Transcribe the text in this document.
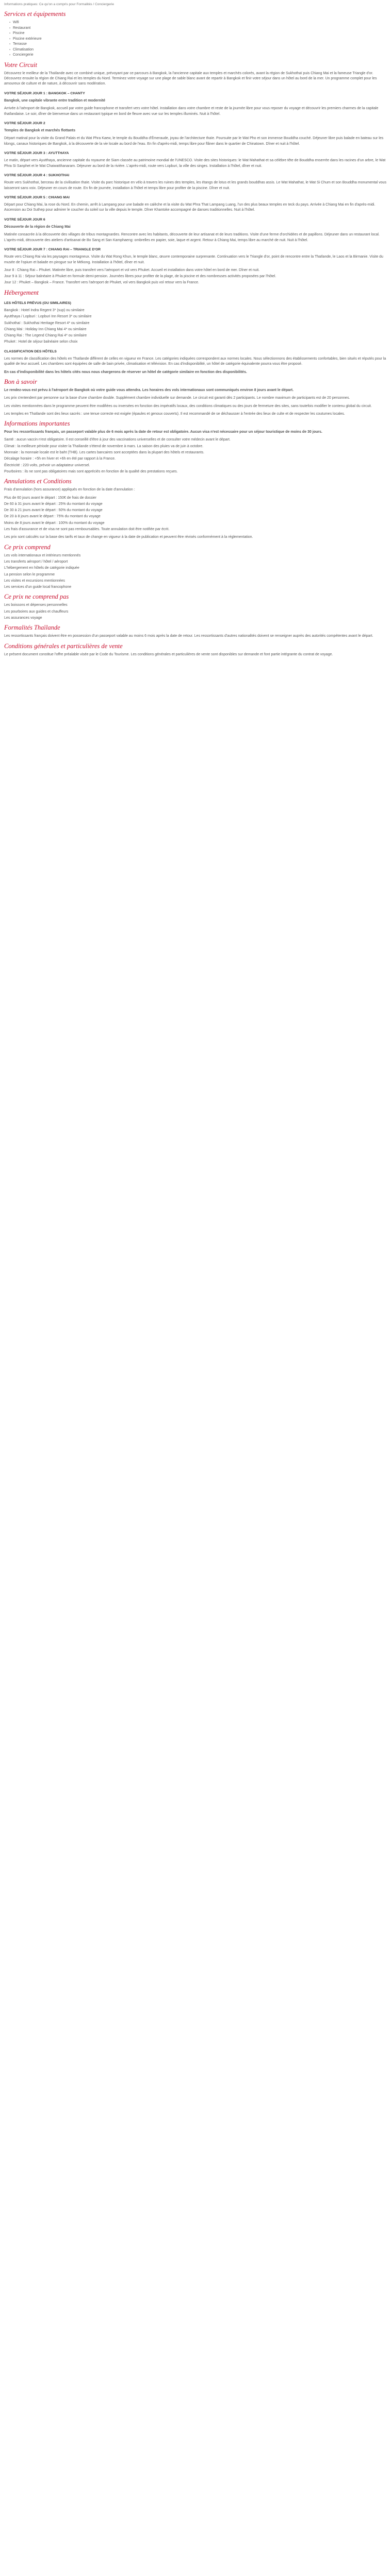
Informations pratiques: Ce qu'on a compris pour Formalités / Conciergerie
Services et équipements
▪ Wifi
▪ Restaurant
▪ Piscine
▪ Piscine extérieure
▪ Terrasse
▪ Climatisation
▪ Conciergerie
Votre Circuit

Découvrez le meilleur de la Thaïlande avec ce combiné unique, prévoyant par ce parcours à Bangkok, la l'ancienne capitale aux temples et marchés colorés, avant la région de Sukhothaï puis Chiang Mai et la fameuse Triangle d'or. Découvrez ensuite la région de Chiang Rai et les temples du Nord. Terminez votre voyage sur une plage de sable blanc avant de repartir à Bangkok et finir votre séjour dans un hôtel au bord de la mer. Un programme complet pour les amoureux de culture et de nature, à découvrir sans modération.

VOTRE SÉJOUR JOUR 1 : BANGKOK – CHANTY

Bangkok, une capitale vibrante entre tradition et modernité

Arrivée à l'aéroport de Bangkok, accueil par votre guide francophone et transfert vers votre hôtel. Installation dans votre chambre et reste de la journée libre pour vous reposer du voyage et découvrir les premiers charmes de la capitale thaïlandaise. Le soir, dîner de bienvenue dans un restaurant typique en bord de fleuve avec vue sur les temples illuminés. Nuit à l'hôtel.

VOTRE SÉJOUR JOUR 2

Temples de Bangkok et marchés flottants

Départ matinal pour la visite du Grand Palais et du Wat Phra Kaew, le temple du Bouddha d'Émeraude, joyau de l'architecture thaïe. Poursuite par le Wat Pho et son immense Bouddha couché. Déjeuner libre puis balade en bateau sur les klongs, canaux historiques de Bangkok, à la découverte de la vie locale au bord de l'eau. En fin d'après-midi, temps libre pour flâner dans le quartier de Chinatown. Dîner et nuit à l'hôtel.

VOTRE SÉJOUR JOUR 3 : AYUTTHAYA

Le matin, départ vers Ayutthaya, ancienne capitale du royaume de Siam classée au patrimoine mondial de l'UNESCO. Visite des sites historiques: le Wat Mahathat et sa célèbre tête de Bouddha enserrée dans les racines d'un arbre, le Wat Phra Si Sanphet et le Wat Chaiwatthanaram. Déjeuner au bord de la rivière. L'après-midi, route vers Lopburi, la ville des singes. Installation à l'hôtel, dîner et nuit.

VOTRE SÉJOUR JOUR 4 : SUKHOTHAI

Route vers Sukhothaï, berceau de la civilisation thaïe. Visite du parc historique en vélo à travers les ruines des temples, les étangs de lotus et les grands bouddhas assis. Le Wat Mahathat, le Wat Si Chum et son Bouddha monumental vous laisseront sans voix. Déjeuner en cours de route. En fin de journée, installation à l'hôtel et temps libre pour profiter de la piscine. Dîner et nuit.

VOTRE SÉJOUR JOUR 5 : CHIANG MAI

Départ pour Chiang Mai, la rose du Nord. En chemin, arrêt à Lampang pour une balade en calèche et la visite du Wat Phra That Lampang Luang, l'un des plus beaux temples en teck du pays. Arrivée à Chiang Mai en fin d'après-midi. Ascension au Doi Suthep pour admirer le coucher du soleil sur la ville depuis le temple. Dîner Khantoke accompagné de danses traditionnelles. Nuit à l'hôtel.

VOTRE SÉJOUR JOUR 6

Découverte de la région de Chiang Mai

Matinée consacrée à la découverte des villages de tribus montagnardes. Rencontre avec les habitants, découverte de leur artisanat et de leurs traditions. Visite d'une ferme d'orchidées et de papillons. Déjeuner dans un restaurant local. L'après-midi, découverte des ateliers d'artisanat de Bo Sang et San Kamphaeng: ombrelles en papier, soie, laque et argent. Retour à Chiang Mai, temps libre au marché de nuit. Nuit à l'hôtel.

VOTRE SÉJOUR JOUR 7 : CHIANG RAI – TRIANGLE D'OR

Route vers Chiang Rai via les paysages montagneux. Visite du Wat Rong Khun, le temple blanc, œuvre contemporaine surprenante. Continuation vers le Triangle d'or, point de rencontre entre la Thaïlande, le Laos et la Birmanie. Visite du musée de l'opium et balade en pirogue sur le Mékong. Installation à l'hôtel, dîner et nuit.

Jour 8 : Chiang Rai – Phuket. Matinée libre, puis transfert vers l'aéroport et vol vers Phuket. Accueil et installation dans votre hôtel en bord de mer. Dîner et nuit.

Jour 9 à 11 : Séjour balnéaire à Phuket en formule demi-pension. Journées libres pour profiter de la plage, de la piscine et des nombreuses activités proposées par l'hôtel.

Jour 12 : Phuket – Bangkok – France. Transfert vers l'aéroport de Phuket, vol vers Bangkok puis vol retour vers la France.

Hébergement
LES HÔTELS PRÉVUS (OU SIMILAIRES)

Bangkok : Hotel Indra Regent 3* (sup) ou similaire

Ayutthaya / Lopburi : Lopburi Inn Resort 3* ou similaire

Sukhothaï : Sukhothai Heritage Resort 4* ou similaire

Chiang Mai : Holiday Inn Chiang Mai 4* ou similaire

Chiang Rai : The Legend Chiang Rai 4* ou similaire

Phuket : Hotel de séjour balnéaire selon choix

CLASSIFICATION DES HÔTELS

Les normes de classification des hôtels en Thaïlande diffèrent de celles en vigueur en France. Les catégories indiquées correspondent aux normes locales. Nous sélectionnons des établissements confortables, bien situés et réputés pour la qualité de leur accueil. Les chambres sont équipées de salle de bain privée, climatisation et télévision. En cas d'indisponibilité, un hôtel de catégorie équivalente pourra vous être proposé.

En cas d'indisponibilité dans les hôtels cités nous nous chargerons de réserver un hôtel de catégorie similaire en fonction des disponibilités.

Bon à savoir

Le rendez-vous est prévu à l'aéroport de Bangkok où votre guide vous attendra. Les horaires des vols internationaux sont communiqués environ 8 jours avant le départ.

Les prix s'entendent par personne sur la base d'une chambre double. Supplément chambre individuelle sur demande. Le circuit est garanti dès 2 participants. Le nombre maximum de participants est de 20 personnes.

Les visites mentionnées dans le programme peuvent être modifiées ou inversées en fonction des impératifs locaux, des conditions climatiques ou des jours de fermeture des sites, sans toutefois modifier le contenu global du circuit.

Les temples en Thaïlande sont des lieux sacrés : une tenue correcte est exigée (épaules et genoux couverts). Il est recommandé de se déchausser à l'entrée des lieux de culte et de respecter les coutumes locales.

Informations importantes

Pour les ressortissants français, un passeport valable plus de 6 mois après la date de retour est obligatoire. Aucun visa n'est nécessaire pour un séjour touristique de moins de 30 jours.

Santé : aucun vaccin n'est obligatoire. Il est conseillé d'être à jour des vaccinations universelles et de consulter votre médecin avant le départ.

Climat : la meilleure période pour visiter la Thaïlande s'étend de novembre à mars. La saison des pluies va de juin à octobre.

Monnaie : la monnaie locale est le baht (THB). Les cartes bancaires sont acceptées dans la plupart des hôtels et restaurants.

Décalage horaire : +5h en hiver et +6h en été par rapport à la France.

Électricité : 220 volts, prévoir un adaptateur universel.

Pourboires : ils ne sont pas obligatoires mais sont appréciés en fonction de la qualité des prestations reçues.

Annulations et Conditions

Frais d'annulation (hors assurance) appliqués en fonction de la date d'annulation :

Plus de 60 jours avant le départ : 150€ de frais de dossier

De 60 à 31 jours avant le départ : 25% du montant du voyage

De 30 à 21 jours avant le départ : 50% du montant du voyage

De 20 à 8 jours avant le départ : 75% du montant du voyage

Moins de 8 jours avant le départ : 100% du montant du voyage

Les frais d'assurance et de visa ne sont pas remboursables. Toute annulation doit être notifiée par écrit.

Les prix sont calculés sur la base des tarifs et taux de change en vigueur à la date de publication et peuvent être révisés conformément à la réglementation.

Ce prix comprend

Les vols internationaux et intérieurs mentionnés

Les transferts aéroport / hôtel / aéroport

L'hébergement en hôtels de catégorie indiquée

La pension selon le programme

Les visites et excursions mentionnées

Les services d'un guide local francophone

Ce prix ne comprend pas

Les boissons et dépenses personnelles

Les pourboires aux guides et chauffeurs

Les assurances voyage

Formalités Thaïlande

Les ressortissants français doivent être en possession d'un passeport valable au moins 6 mois après la date de retour. Les ressortissants d'autres nationalités doivent se renseigner auprès des autorités compétentes avant le départ.

Conditions générales et particulières de vente

Le présent document constitue l'offre préalable visée par le Code du Tourisme. Les conditions générales et particulières de vente sont disponibles sur demande et font partie intégrante du contrat de voyage.
